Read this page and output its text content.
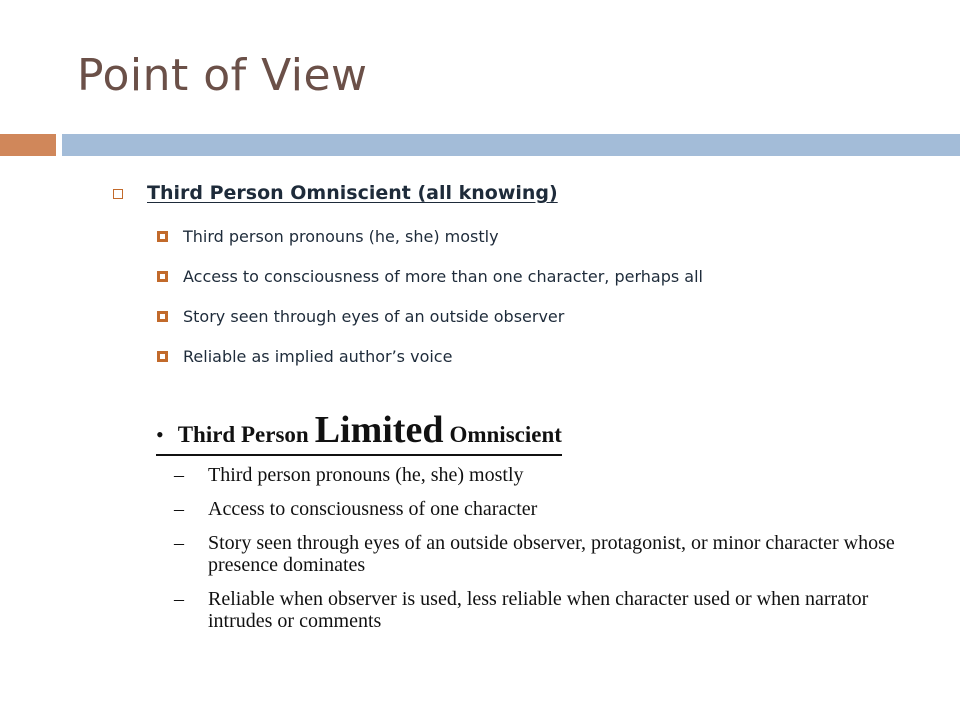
Point of View
Third Person Omniscient (all knowing)
Third person pronouns (he, she) mostly
Access to consciousness of more than one character, perhaps all
Story seen through eyes of an outside observer
Reliable as implied author’s voice
• Third Person Limited Omniscient
–	Third person pronouns (he, she) mostly
–	Access to consciousness of one character
–	Story seen through eyes of an outside observer, protagonist, or minor character whose presence dominates
–	Reliable when observer is used, less reliable when character used or when narrator intrudes or comments
